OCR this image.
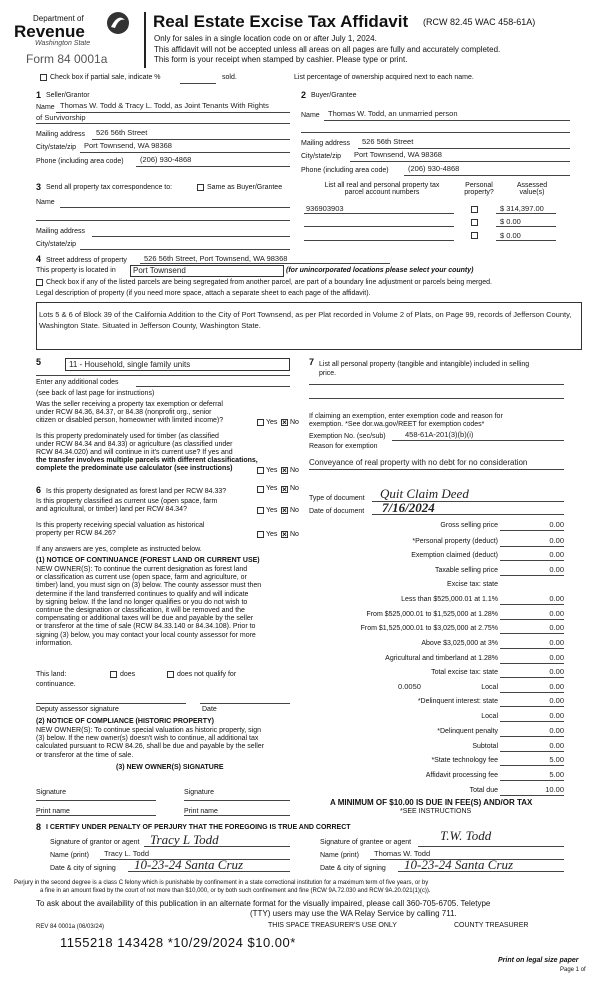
Department of
Revenue
Washington State
Form 84 0001a
Real Estate Excise Tax Affidavit (RCW 82.45 WAC 458-61A)
Only for sales in a single location code on or after July 1, 2024.
This affidavit will not be accepted unless all areas on all pages are fully and accurately completed.
This form is your receipt when stamped by cashier. Please type or print.
Check box if partial sale, indicate %	sold.	List percentage of ownership acquired next to each name.
1 Seller/Grantor
Name Thomas W. Todd & Tracy L. Todd, as Joint Tenants With Rights
of Survivorship
Mailing address 526 56th Street
City/state/zip Port Townsend, WA 98368
Phone (including area code) (206) 930-4868
2 Buyer/Grantee
Name Thomas W. Todd, an unmarried person
Mailing address 526 56th Street
City/state/zip Port Townsend, WA 98368
Phone (including area code)	(206) 930-4868
3 Send all property tax correspondence to:	Same as Buyer/Grantee
Name
Mailing address
City/state/zip
List all real and personal property tax
parcel account numbers
Personal
property?
Assessed
value(s)
936903903	$ 314,397.00
$ 0.00
$ 0.00
4 Street address of property 526 56th Street, Port Townsend, WA 98368
This property is located in	Port Townsend	(for unincorporated locations please select your county)
Check box if any of the listed parcels are being segregated from another parcel, are part of a boundary line adjustment or parcels being merged.
Legal description of property (if you need more space, attach a separate sheet to each page of the affidavit).
Lots 5 & 6 of Block 39 of the California Addition to the City of Port Townsend, as per Plat recorded in Volume 2 of Plats, on Page 99, records of Jefferson County, Washington State. Situated in Jefferson County, Washington State.
5	11 - Household, single family units
Enter any additional codes
(see back of last page for instructions)
Was the seller receiving a property tax exemption or deferral
under RCW 84.36, 84.37, or 84.38 (nonprofit org., senior
citizen or disabled person, homeowner with limited income)?	Yes × No
Is this property predominately used for timber (as classified
under RCW 84.34 and 84.33) or agriculture (as classified under
RCW 84.34.020) and will continue in it's current use? If yes and
the transfer involves multiple parcels with different classifications,
complete the predominate use calculator (see instructions)	Yes × No
6 Is this property designated as forest land per RCW 84.33?	Yes × No
Is this property classified as current use (open space, farm
and agricultural, or timber) land per RCW 84.34?	Yes × No
Is this property receiving special valuation as historical
property per RCW 84.26?	Yes × No
If any answers are yes, complete as instructed below.
(1) NOTICE OF CONTINUANCE (FOREST LAND OR CURRENT USE)
NEW OWNER(S): To continue the current designation as forest land
or classification as current use (open space, farm and agriculture, or
timber) land, you must sign on (3) below. The county assessor must then
determine if the land transferred continues to qualify and will indicate
by signing below. If the land no longer qualifies or you do not wish to
continue the designation or classification, it will be removed and the
compensating or additional taxes will be due and payable by the seller
or transferor at the time of sale (RCW 84.33.140 or 84.34.108). Prior to
signing (3) below, you may contact your local county assessor for more
information.
This land:	does	does not qualify for
continuance.
Deputy assessor signature	Date
(2) NOTICE OF COMPLIANCE (HISTORIC PROPERTY)
NEW OWNER(S): To continue special valuation as historic property, sign
(3) below. If the new owner(s) doesn't wish to continue, all additional tax
calculated pursuant to RCW 84.26, shall be due and payable by the seller
or transferor at the time of sale.
(3) NEW OWNER(S) SIGNATURE
Signature	Signature
Print name	Print name
7 List all personal property (tangible and intangible) included in selling
price.
If claiming an exemption, enter exemption code and reason for
exemption. *See dor.wa.gov/REET for exemption codes*
Exemption No. (sec/sub)	458-61A-201(3)(b)(i)
Reason for exemption
Conveyance of real property with no debt for no consideration
Type of document Quit Claim Deed
Date of document 7/16/2024
Gross selling price	0.00
*Personal property (deduct)	0.00
Exemption claimed (deduct)	0.00
Taxable selling price	0.00
Excise tax: state
Less than $525,000.01 at 1.1%	0.00
From $525,000.01 to $1,525,000 at 1.28%	0.00
From $1,525,000.01 to $3,025,000 at 2.75%	0.00
Above $3,025,000 at 3%	0.00
Agricultural and timberland at 1.28%	0.00
Total excise tax: state	0.00
0.0050	Local	0.00
*Delinquent interest: state	0.00
Local	0.00
*Delinquent penalty	0.00
Subtotal	0.00
*State technology fee	5.00
Affidavit processing fee	5.00
Total due	10.00
A MINIMUM OF $10.00 IS DUE IN FEE(S) AND/OR TAX
*SEE INSTRUCTIONS
8 I CERTIFY UNDER PENALTY OF PERJURY THAT THE FOREGOING IS TRUE AND CORRECT
Signature of grantor or agent Tracy L Todd
Name (print) Tracy L. Todd
Date & city of signing 10-23-24 Santa Cruz
Signature of grantee or agent T.W. Todd
Name (print) Thomas W. Todd
Date & city of signing 10-23-24 Santa Cruz
Perjury in the second degree is a class C felony which is punishable by confinement in a state correctional institution for a maximum term of five years, or by
a fine in an amount fixed by the court of not more than $10,000, or by both such confinement and fine (RCW 9A.72.030 and RCW 9A.20.021(1)(c)).
To ask about the availability of this publication in an alternate format for the visually impaired, please call 360-705-6705. Teletype
(TTY) users may use the WA Relay Service by calling 711.
REV 84 0001a (06/03/24)	THIS SPACE TREASURER'S USE ONLY	COUNTY TREASURER
1155218 143428 *10/29/2024 $10.00*
Print on legal size paper
Page 1 of
